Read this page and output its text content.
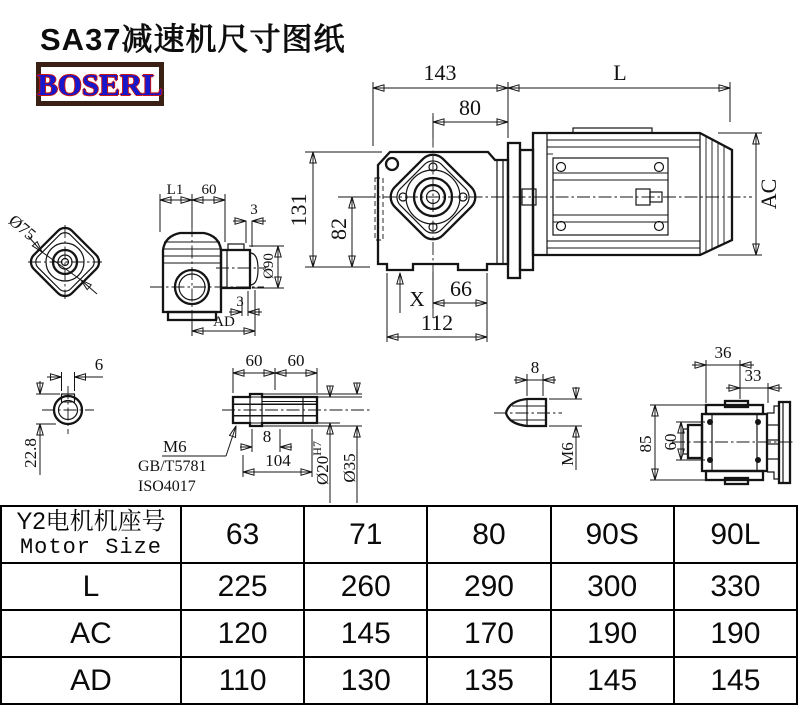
SA37减速机尺寸图纸
BOSERL	143	L
80
131
82
AC
X 66
112
L1 60
3
Ø90
3
AD
Ø75
6
22.8
60 60
M6
GB/T5781
ISO4017
8
104 $Ø20^{H7}$
Ø35
8
M6
36
33
85 60
Y2电机机座号
Motor Size	63	71	80	90S	90L
L	225	260	290	300	330
AC	120	145	170	190	190
AD	110	130	135	145	145
